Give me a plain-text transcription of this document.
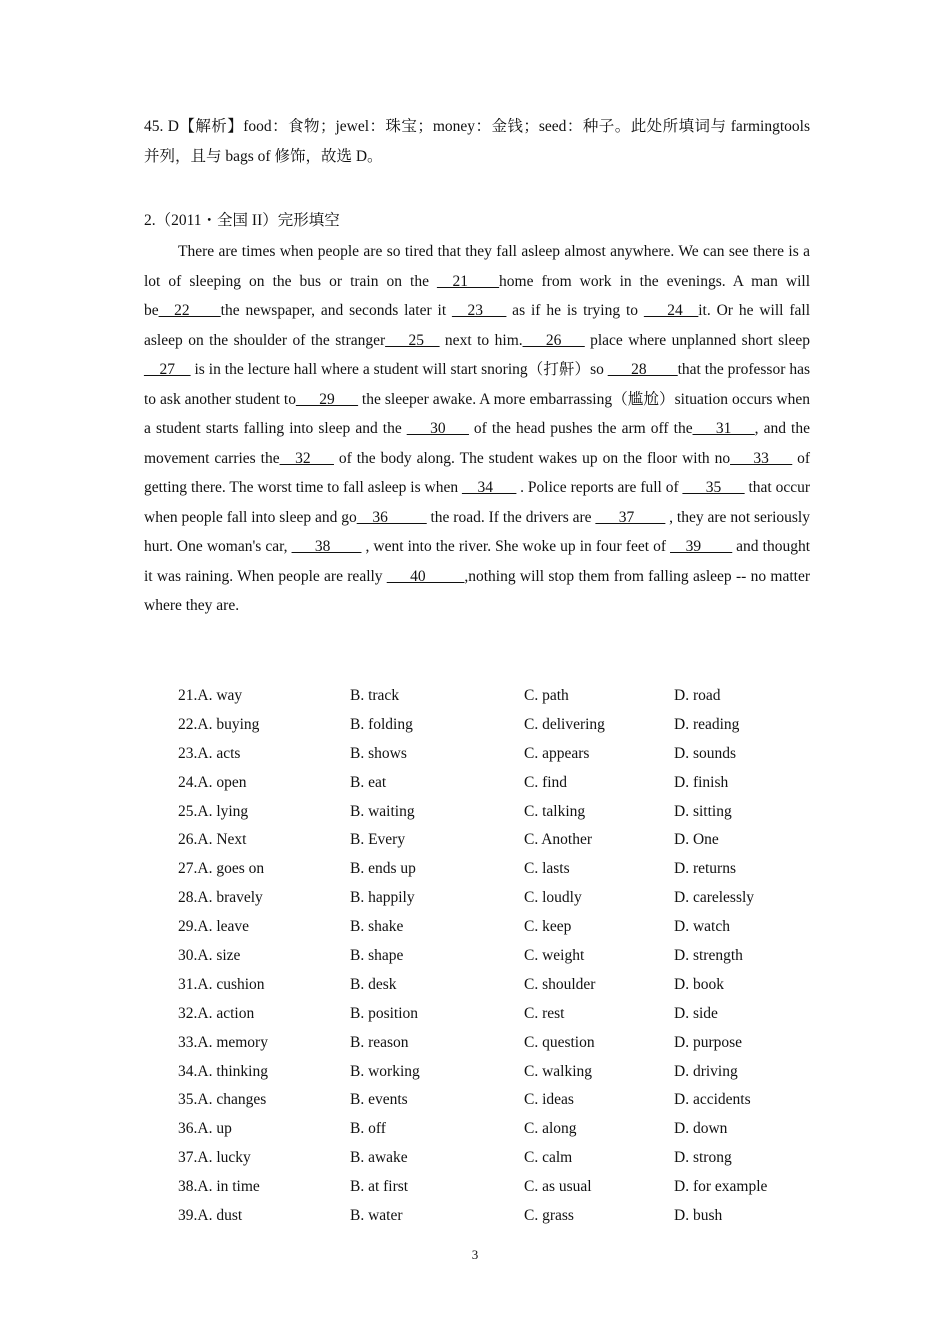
45. D【解析】food：食物；jewel：珠宝；money：金钱；seed：种子。此处所填词与 farmingtools 并列，且与 bags of 修饰，故选 D。
2.（2011・全国 II）完形填空

There are times when people are so tired that they fall asleep almost anywhere. We can see there is a lot of sleeping on the bus or train on the __21____home from work in the evenings. A man will be__22____the newspaper, and seconds later it __23___ as if he is trying to ___24__it. Or he will fall asleep on the shoulder of the stranger___25__ next to him.___26___ place where unplanned short sleep __27__ is in the lecture hall where a student will start snoring（打鼾）so ___28____that the professor has to ask another student to___29___ the sleeper awake. A more embarrassing（尴尬）situation occurs when a student starts falling into sleep and the ___30___ of the head pushes the arm off the___31___, and the movement carries the__32___ of the body along. The student wakes up on the floor with no___33___ of getting there. The worst time to fall asleep is when __34___ . Police reports are full of ___35___ that occur when people fall into sleep and go__36_____ the road. If the drivers are ___37____ , they are not seriously hurt. One woman's car, ___38____ , went into the river. She woke up in four feet of __39____ and thought it was raining. When people are really ___40_____,nothing will stop them from falling asleep -- no matter where they are.

21.A. way	B. track	C. path	D. road
22.A. buying	B. folding	C. delivering	D. reading
23.A. acts	B. shows	C. appears	D. sounds
24.A. open	B. eat	C. find	D. finish
25.A. lying	B. waiting	C. talking	D. sitting
26.A. Next	B. Every	C. Another	D. One
27.A. goes on	B. ends up	C. lasts	D. returns
28.A. bravely	B. happily	C. loudly	D. carelessly
29.A. leave	B. shake	C. keep	D. watch
30.A. size	B. shape	C. weight	D. strength
31.A. cushion	B. desk	C. shoulder	D. book
32.A. action	B. position	C. rest	D. side
33.A. memory	B. reason	C. question	D. purpose
34.A. thinking	B. working	C. walking	D. driving
35.A. changes	B. events	C. ideas	D. accidents
36.A. up	B. off	C. along	D. down
37.A. lucky	B. awake	C. calm	D. strong
38.A. in time	B. at first	C. as usual	D. for example
39.A. dust	B. water	C. grass	D. bush
3
